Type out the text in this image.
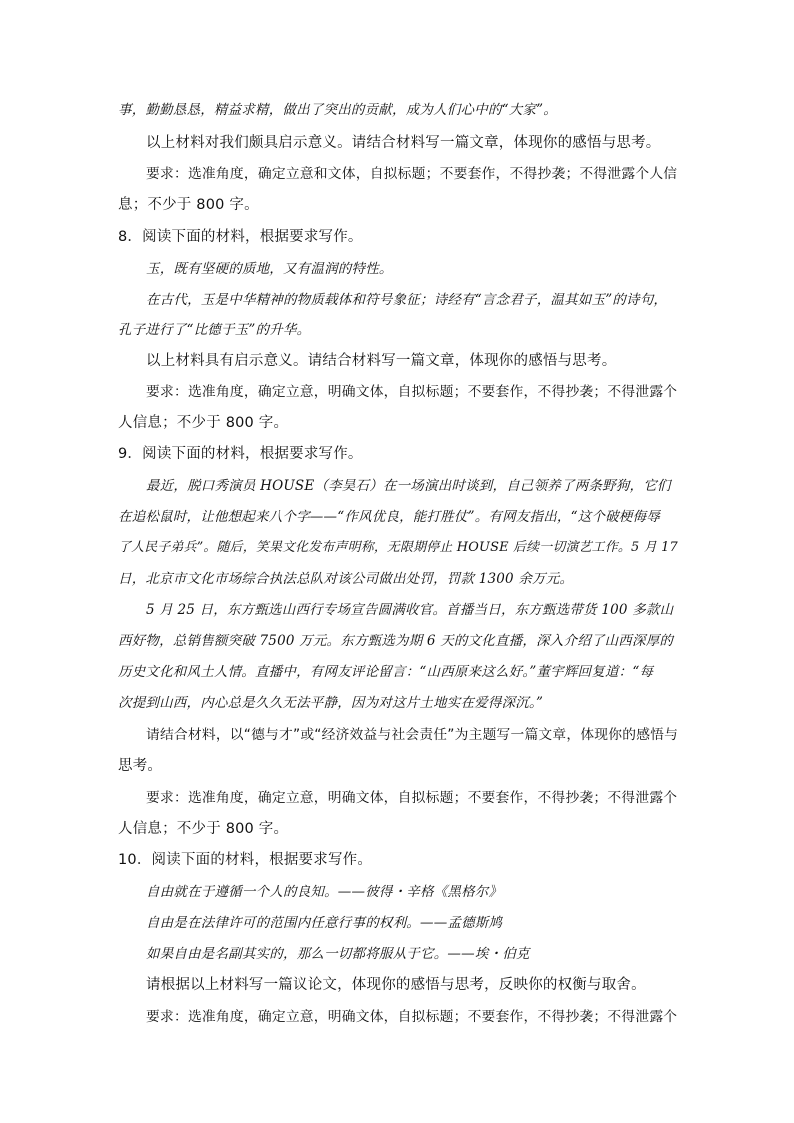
事，勤勤恳恳，精益求精，做出了突出的贡献，成为人们心中的“大家”。
以上材料对我们颇具启示意义。请结合材料写一篇文章，体现你的感悟与思考。
要求：选准角度，确定立意和文体，自拟标题；不要套作，不得抄袭；不得泄露个人信
息；不少于 800 字。
8．阅读下面的材料，根据要求写作。
玉，既有坚硬的质地，又有温润的特性。
在古代，玉是中华精神的物质载体和符号象征；诗经有“言念君子，温其如玉”的诗句，
孔子进行了“比德于玉”的升华。
以上材料具有启示意义。请结合材料写一篇文章，体现你的感悟与思考。
要求：选准角度，确定立意，明确文体，自拟标题；不要套作，不得抄袭；不得泄露个
人信息；不少于 800 字。
9．阅读下面的材料，根据要求写作。
最近，脱口秀演员 HOUSE（李昊石）在一场演出时谈到，自己领养了两条野狗，它们
在追松鼠时，让他想起来八个字——“作风优良，能打胜仗”。有网友指出，“这个破梗侮辱
了人民子弟兵”。随后，笑果文化发布声明称，无限期停止 HOUSE 后续一切演艺工作。5 月 17
日，北京市文化市场综合执法总队对该公司做出处罚，罚款 1300 余万元。
5 月 25 日，东方甄选山西行专场宣告圆满收官。首播当日，东方甄选带货 100 多款山
西好物，总销售额突破 7500 万元。东方甄选为期 6 天的文化直播，深入介绍了山西深厚的
历史文化和风土人情。直播中，有网友评论留言：“山西原来这么好。”董宇辉回复道：“每
次提到山西，内心总是久久无法平静，因为对这片土地实在爱得深沉。”
请结合材料，以“德与才”或“经济效益与社会责任”为主题写一篇文章，体现你的感悟与
思考。
要求：选准角度，确定立意，明确文体，自拟标题；不要套作，不得抄袭；不得泄露个
人信息；不少于 800 字。
10．阅读下面的材料，根据要求写作。
自由就在于遵循一个人的良知。——彼得・辛格《黑格尔》
自由是在法律许可的范围内任意行事的权利。——孟德斯鸠
如果自由是名副其实的，那么一切都将服从于它。——埃・伯克
请根据以上材料写一篇议论文，体现你的感悟与思考，反映你的权衡与取舍。
要求：选准角度，确定立意，明确文体，自拟标题；不要套作，不得抄袭；不得泄露个
